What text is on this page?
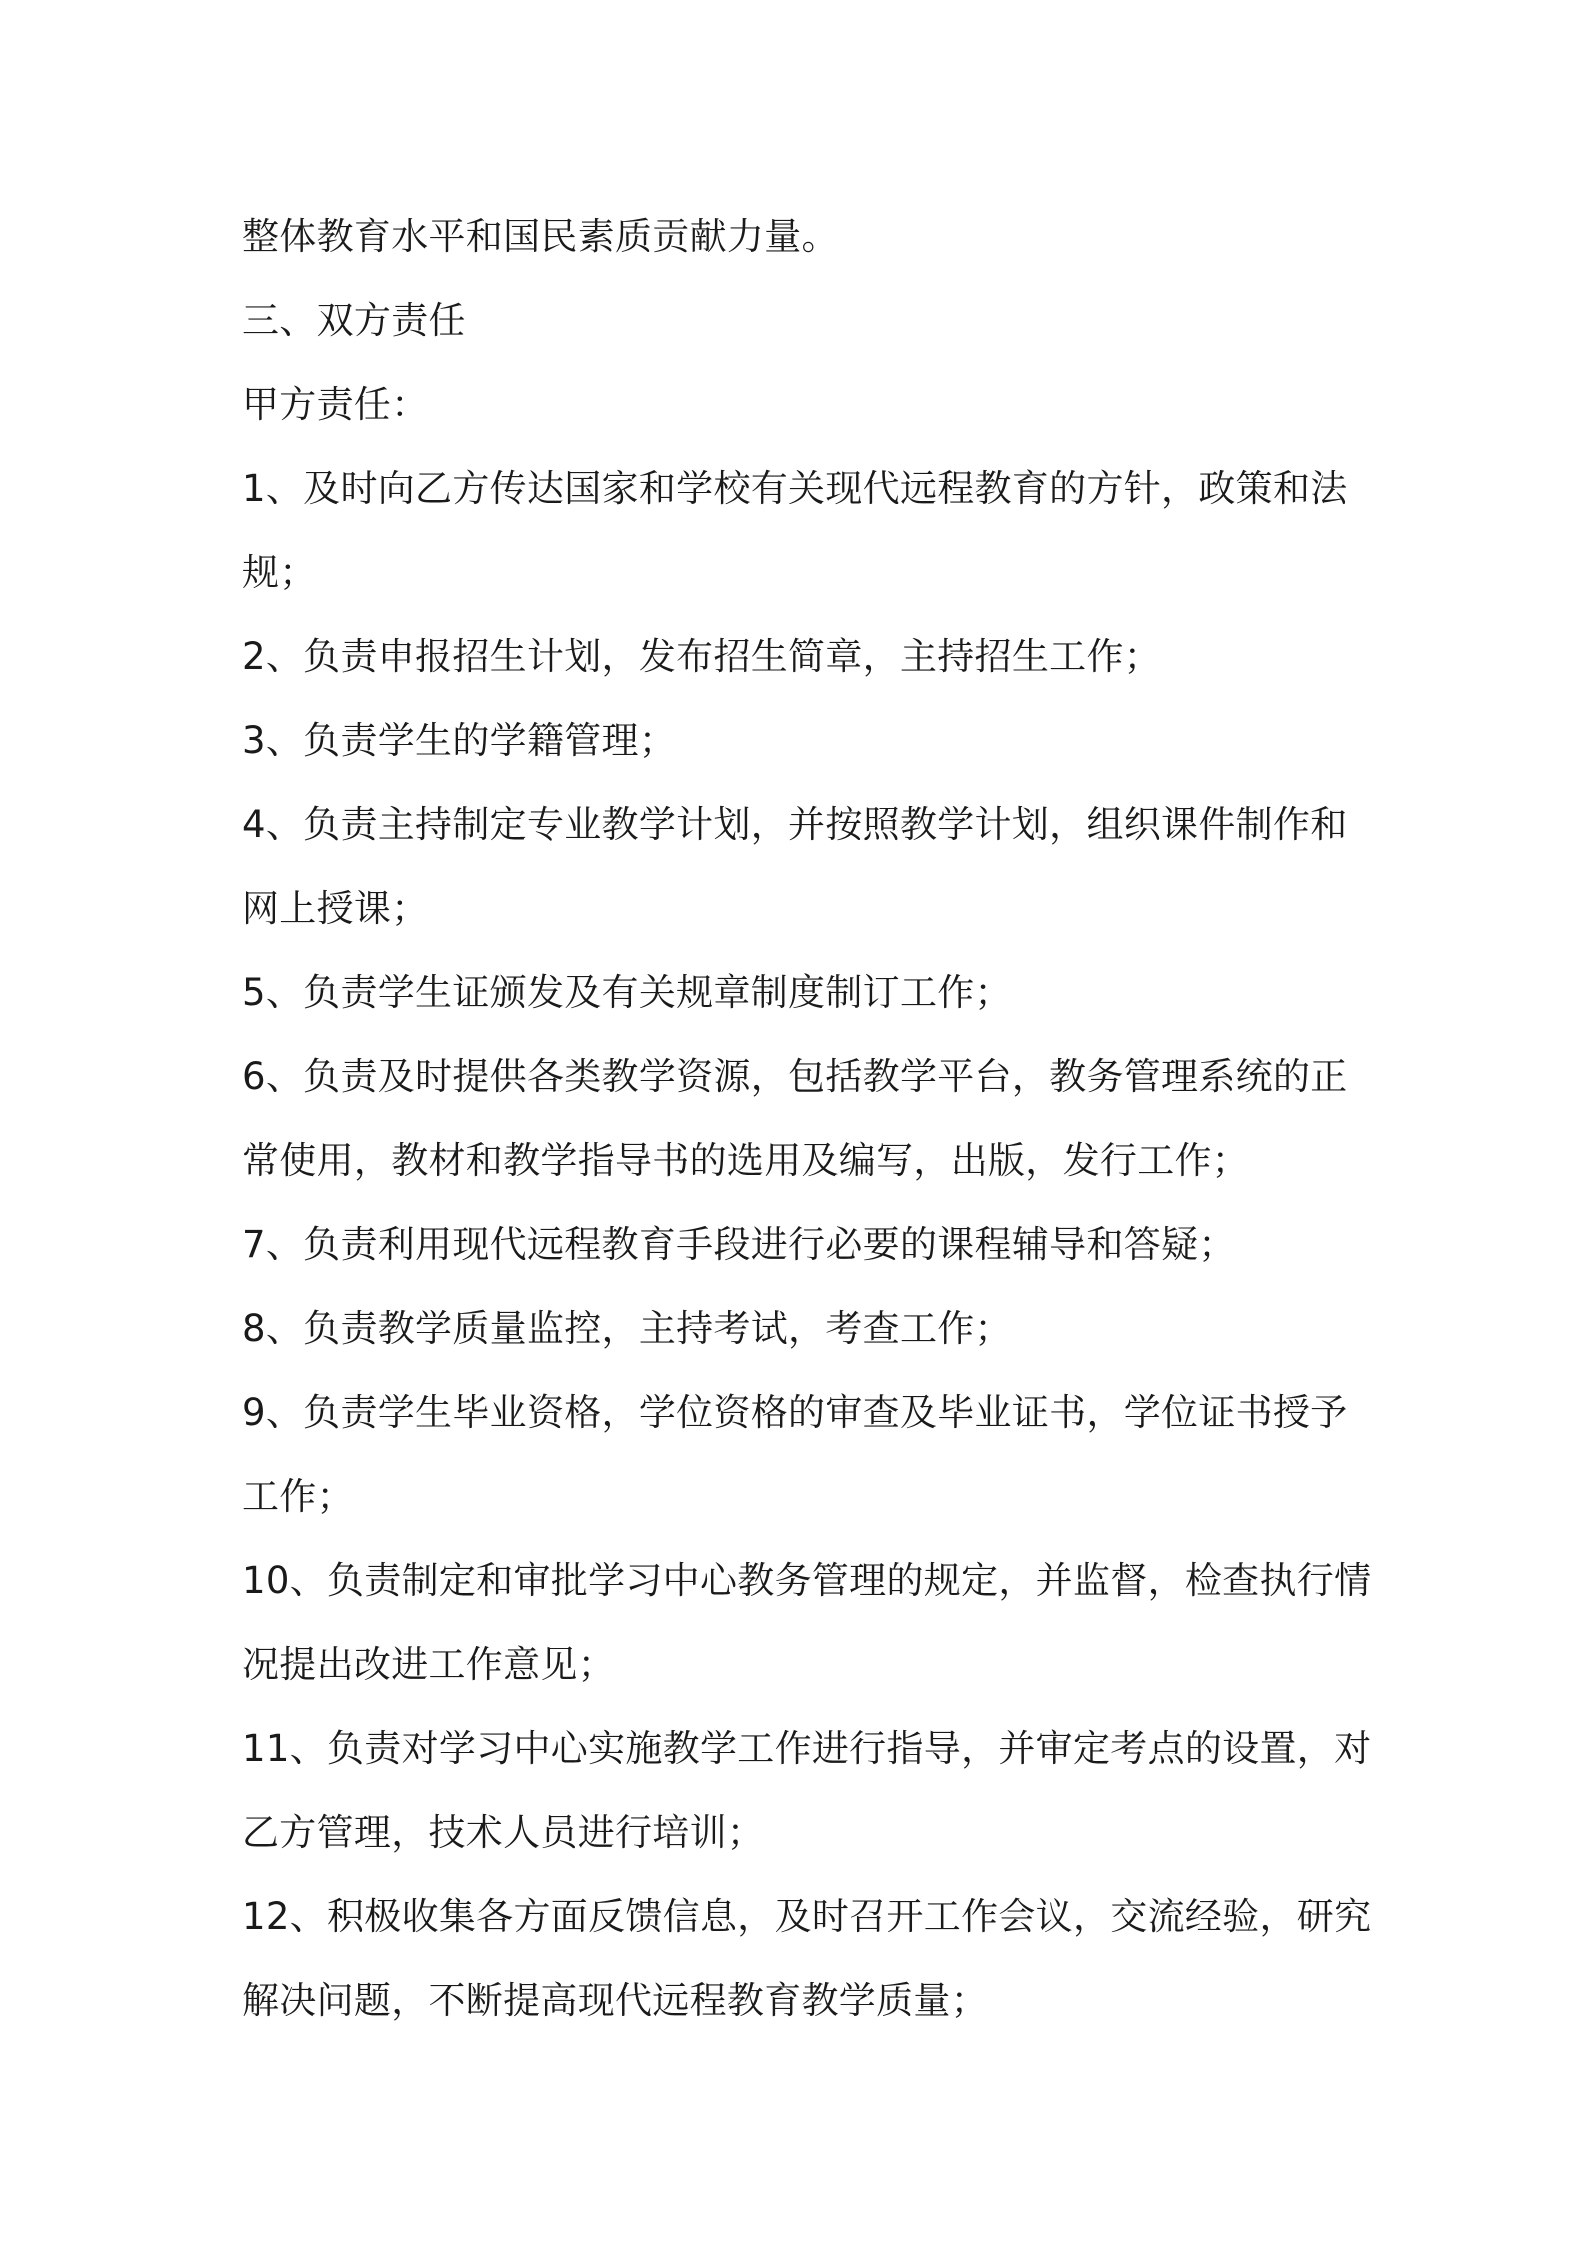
整体教育水平和国民素质贡献力量。
三、双方责任
甲方责任：
1、及时向乙方传达国家和学校有关现代远程教育的方针，政策和法
规；
2、负责申报招生计划，发布招生简章，主持招生工作；
3、负责学生的学籍管理；
4、负责主持制定专业教学计划，并按照教学计划，组织课件制作和
网上授课；
5、负责学生证颁发及有关规章制度制订工作；
6、负责及时提供各类教学资源，包括教学平台，教务管理系统的正
常使用，教材和教学指导书的选用及编写，出版，发行工作；
7、负责利用现代远程教育手段进行必要的课程辅导和答疑；
8、负责教学质量监控，主持考试，考查工作；
9、负责学生毕业资格，学位资格的审查及毕业证书，学位证书授予
工作；
10、负责制定和审批学习中心教务管理的规定，并监督，检查执行情
况提出改进工作意见；
11、负责对学习中心实施教学工作进行指导，并审定考点的设置，对
乙方管理，技术人员进行培训；
12、积极收集各方面反馈信息，及时召开工作会议，交流经验，研究
解决问题，不断提高现代远程教育教学质量；
